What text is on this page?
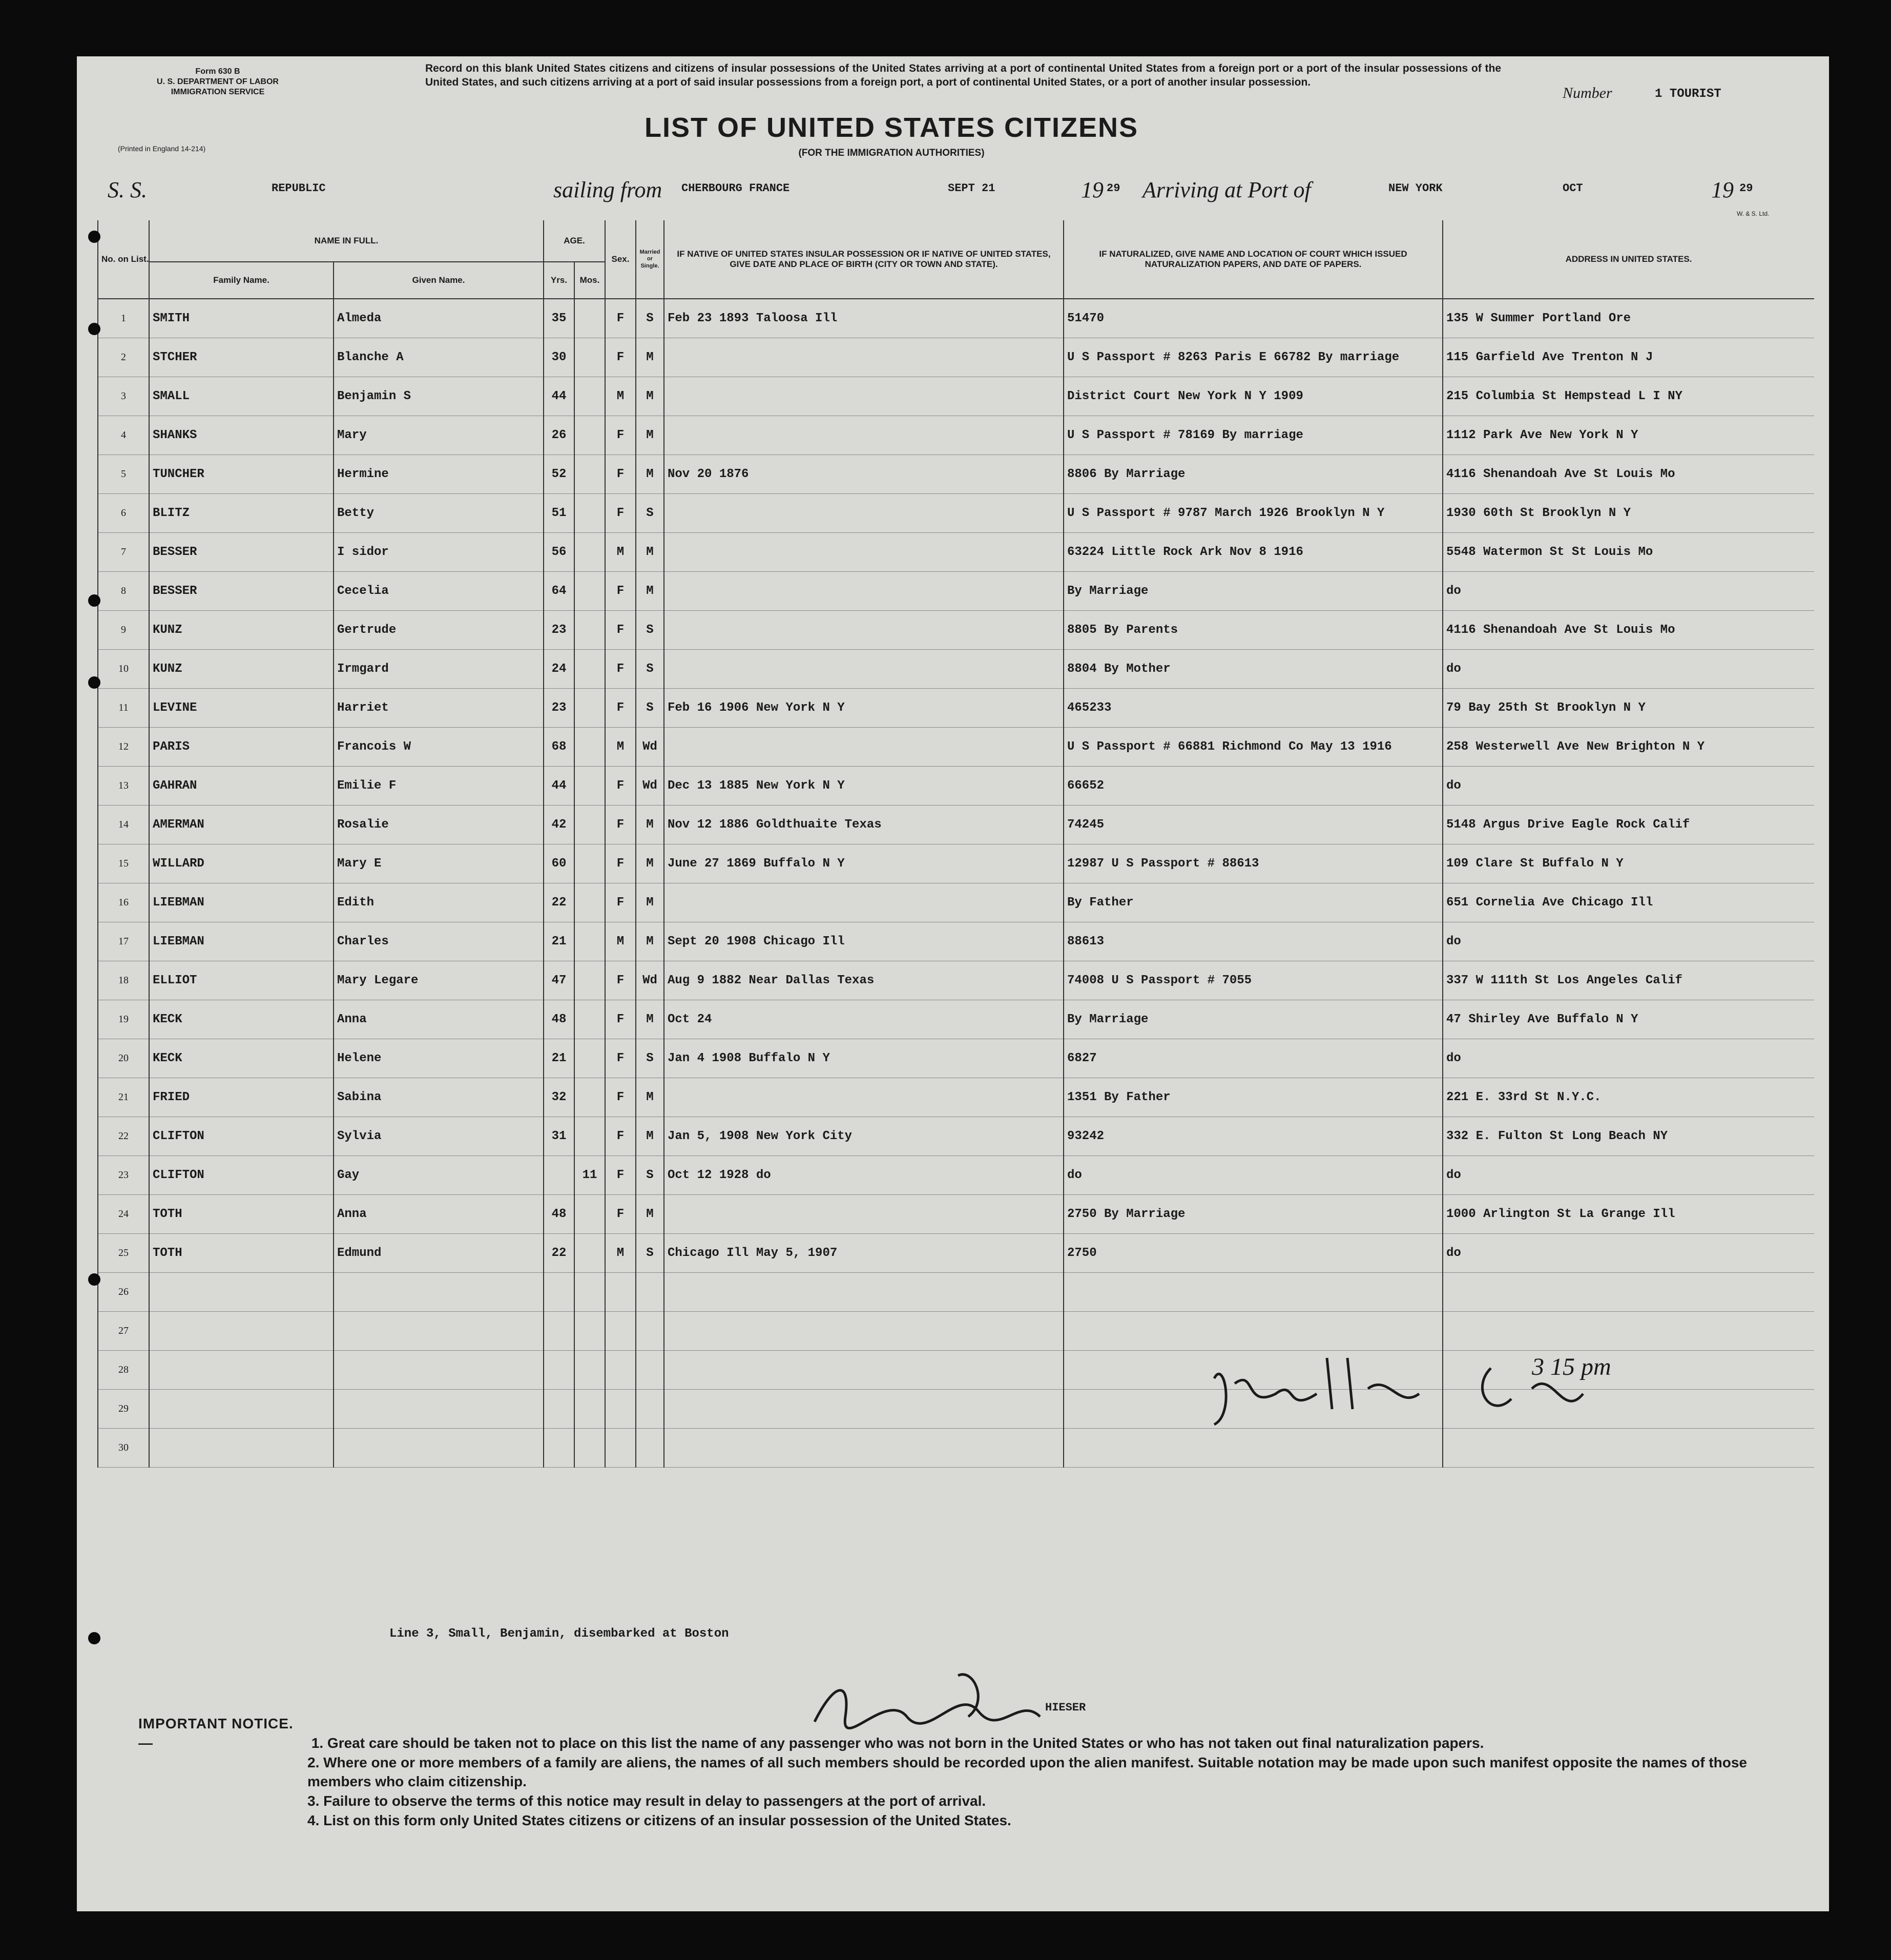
Form 630 B
U. S. DEPARTMENT OF LABOR
IMMIGRATION SERVICE
(Printed in England 14-214)
Record on this blank United States citizens and citizens of insular possessions of the United States arriving at a port of continental United States from a foreign port or a port of the insular possessions of the United States, and such citizens arriving at a port of said insular possessions from a foreign port, a port of continental United States, or a port of another insular possession.
LIST OF UNITED STATES CITIZENS
(FOR THE IMMIGRATION AUTHORITIES)
Number	1 TOURIST
S. S.	REPUBLIC	sailing from CHERBOURG FRANCE	SEPT 21	19 29 Arriving at Port of	NEW YORK	OCT	19 29
W. & S. Ltd.
No. on List.	NAME IN FULL.		AGE.		Sex.	Married or Single.	IF NATIVE OF UNITED STATES INSULAR POSSESSION OR IF NATIVE OF UNITED STATES, GIVE DATE AND PLACE OF BIRTH (CITY OR TOWN AND STATE).	IF NATURALIZED, GIVE NAME AND LOCATION OF COURT WHICH ISSUED NATURALIZATION PAPERS, AND DATE OF PAPERS.	ADDRESS IN UNITED STATES.
	Family Name.	Given Name.	Yrs.	Mos.					
1	SMITH	Almeda	35		F	S	Feb 23 1893 Taloosa Ill	51470	135 W Summer Portland Ore
2	STCHER	Blanche A	30		F	M		U S Passport # 8263 Paris E 66782 By marriage	115 Garfield Ave Trenton N J
3	SMALL	Benjamin S	44		M	M		District Court New York N Y 1909	215 Columbia St Hempstead L I NY
4	SHANKS	Mary	26		F	M		U S Passport # 78169 By marriage	1112 Park Ave New York N Y
5	TUNCHER	Hermine	52		F	M	Nov 20 1876	8806 By Marriage	4116 Shenandoah Ave St Louis Mo
6	BLITZ	Betty	51		F	S		U S Passport # 9787 March 1926 Brooklyn N Y	1930 60th St Brooklyn N Y
7	BESSER	I sidor	56		M	M		63224 Little Rock Ark Nov 8 1916	5548 Watermon St St Louis Mo
8	BESSER	Cecelia	64		F	M		By Marriage	do
9	KUNZ	Gertrude	23		F	S		8805 By Parents	4116 Shenandoah Ave St Louis Mo
10	KUNZ	Irmgard	24		F	S		8804 By Mother	do
11	LEVINE	Harriet	23		F	S	Feb 16 1906 New York N Y	465233	79 Bay 25th St Brooklyn N Y
12	PARIS	Francois W	68		M	Wd		U S Passport # 66881 Richmond Co May 13 1916	258 Westerwell Ave New Brighton N Y
13	GAHRAN	Emilie F	44		F	Wd	Dec 13 1885 New York N Y	66652	do
14	AMERMAN	Rosalie	42		F	M	Nov 12 1886 Goldthuaite Texas	74245	5148 Argus Drive Eagle Rock Calif
15	WILLARD	Mary E	60		F	M	June 27 1869 Buffalo N Y	12987 U S Passport # 88613	109 Clare St Buffalo N Y
16	LIEBMAN	Edith	22		F	M		By Father	651 Cornelia Ave Chicago Ill
17	LIEBMAN	Charles	21		M	M	Sept 20 1908 Chicago Ill	88613	do
18	ELLIOT	Mary Legare	47		F	Wd	Aug 9 1882 Near Dallas Texas	74008 U S Passport # 7055	337 W 111th St Los Angeles Calif
19	KECK	Anna	48		F	M	Oct 24	By Marriage	47 Shirley Ave Buffalo N Y
20	KECK	Helene	21		F	S	Jan 4 1908 Buffalo N Y	6827	do
21	FRIED	Sabina	32		F	M		1351 By Father	221 E. 33rd St N.Y.C.
22	CLIFTON	Sylvia	31		F	M	Jan 5, 1908 New York City	93242	332 E. Fulton St Long Beach NY
23	CLIFTON	Gay		11	F	S	Oct 12 1928 do	do	do
24	TOTH	Anna	48		F	M		2750 By Marriage	1000 Arlington St La Grange Ill
25	TOTH	Edmund	22		M	S	Chicago Ill May 5, 1907	2750	do
26									
27									
28									
29									
30									
Line 3, Small, Benjamin, disembarked at Boston
HIESER
3 15 pm
IMPORTANT NOTICE.—	1. Great care should be taken not to place on this list the name of any passenger who was not born in the United States or who has not taken out final naturalization papers.
2. Where one or more members of a family are aliens, the names of all such members should be recorded upon the alien manifest. Suitable notation may be made upon such manifest opposite the names of those members who claim citizenship.
3. Failure to observe the terms of this notice may result in delay to passengers at the port of arrival.
4. List on this form only United States citizens or citizens of an insular possession of the United States.
